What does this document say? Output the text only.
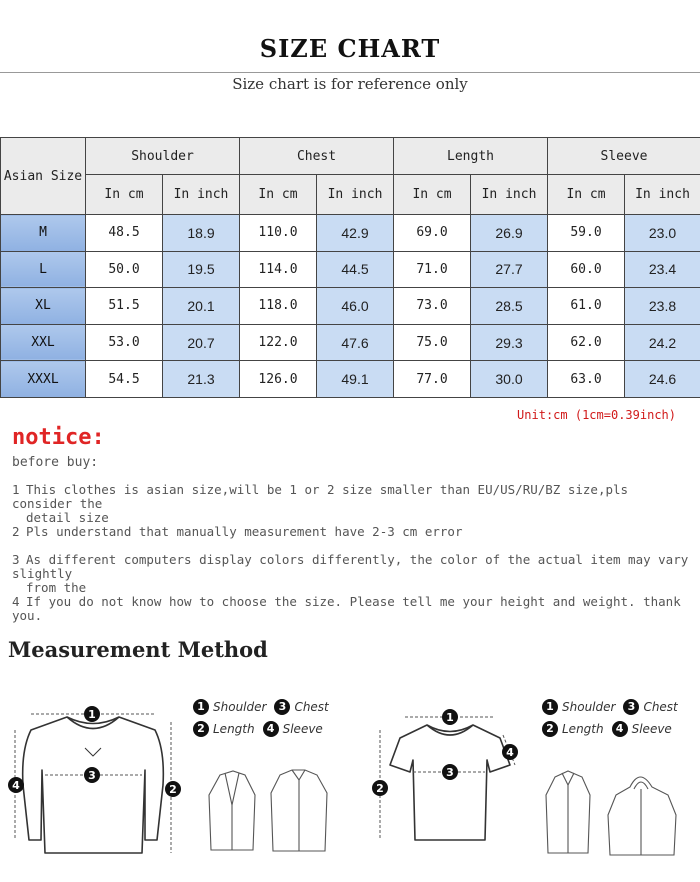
SIZE CHART
Size chart is for reference only
Asian Size	Shoulder		Chest		Length		Sleeve	
	In cm	In inch	In cm	In inch	In cm	In inch	In cm	In inch
M	48.5	18.9	110.0	42.9	69.0	26.9	59.0	23.0
L	50.0	19.5	114.0	44.5	71.0	27.7	60.0	23.4
XL	51.5	20.1	118.0	46.0	73.0	28.5	61.0	23.8
XXL	53.0	20.7	122.0	47.6	75.0	29.3	62.0	24.2
XXXL	54.5	21.3	126.0	49.1	77.0	30.0	63.0	24.6
Unit:cm (1cm=0.39inch)
notice:
before buy:
1 This clothes is asian size,will be 1 or 2 size smaller than EU/US/RU/BZ size,pls consider the
detail size
2 Pls understand that manually measurement have 2-3 cm error
3 As different computers display colors differently, the color of the actual item may vary slightly
from the
4 If you do not know how to choose the size. Please tell me your height and weight. thank you.
Measurement Method
1
3
2
4
1 Shoulder	3 Chest
2 Length	4 Sleeve
1
3
2
4
1 Shoulder	3 Chest
2 Length	4 Sleeve
